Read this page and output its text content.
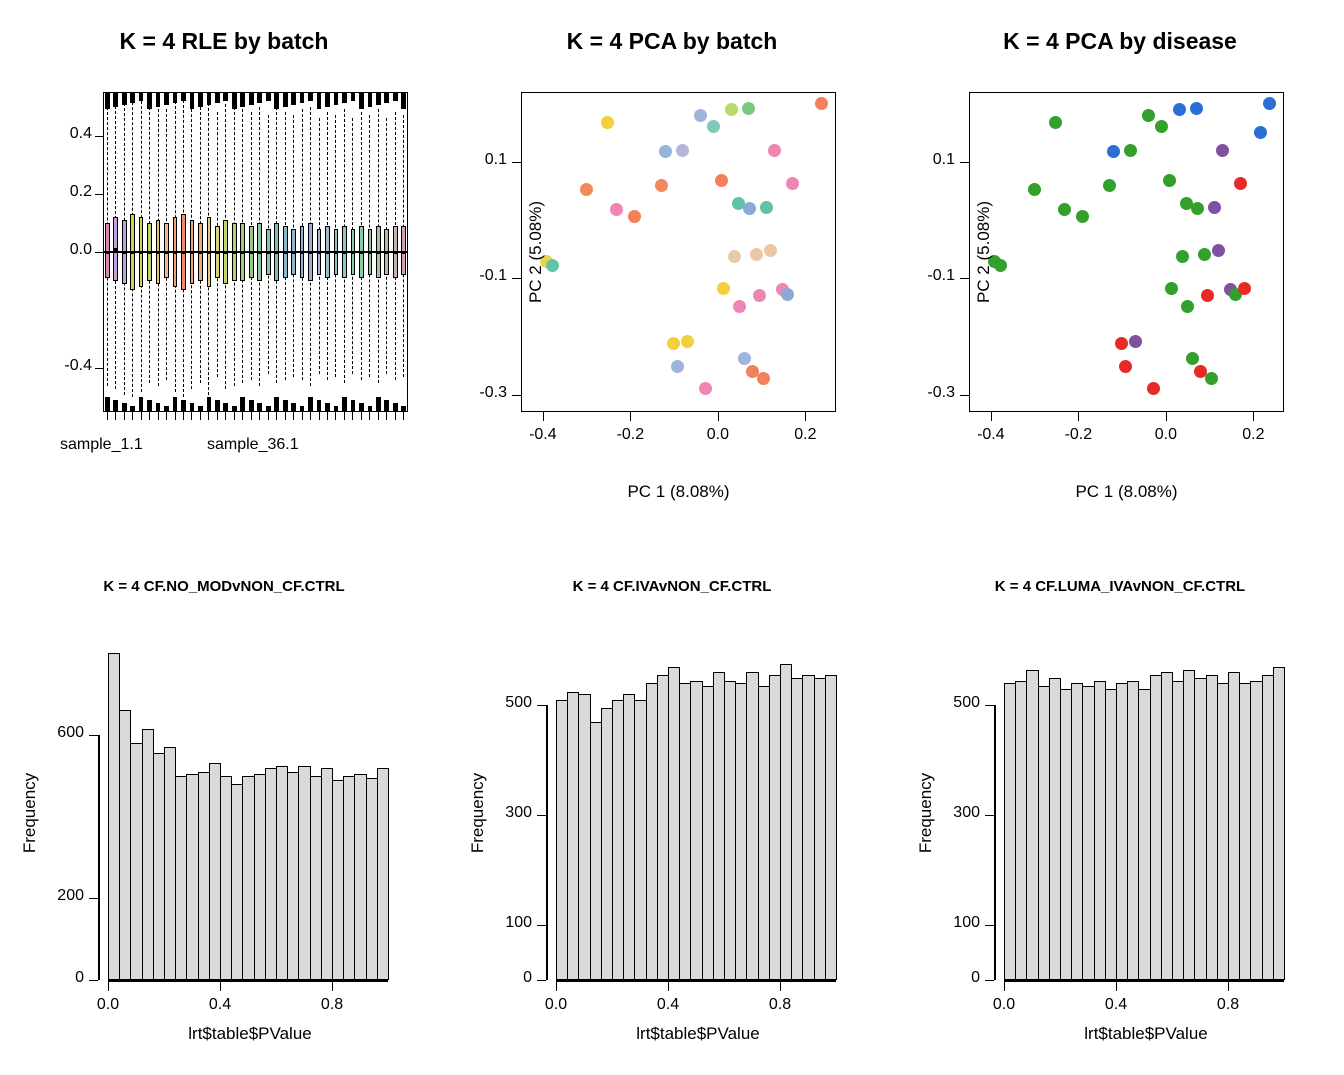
K = 4 RLE by batch
0.4
0.2
0.0
-0.4
sample_1.1	sample_36.1
K = 4 PCA by batch
-0.4	-0.2	0.0	0.2
0.1
-0.1
-0.3
PC 1 (8.08%)
PC 2 (5.08%)
K = 4 PCA by disease
-0.4	-0.2	0.0	0.2
0.1
-0.1
-0.3
PC 1 (8.08%)
PC 2 (5.08%)
K = 4 CF.NO_MODvNON_CF.CTRL
0.0	0.4	0.8
0
200
600
lrt$table$PValue
Frequency
K = 4 CF.IVAvNON_CF.CTRL
0.0	0.4	0.8
0
100
300
500
lrt$table$PValue
Frequency
K = 4 CF.LUMA_IVAvNON_CF.CTRL
0.0	0.4	0.8
0
100
300
500
lrt$table$PValue
Frequency
